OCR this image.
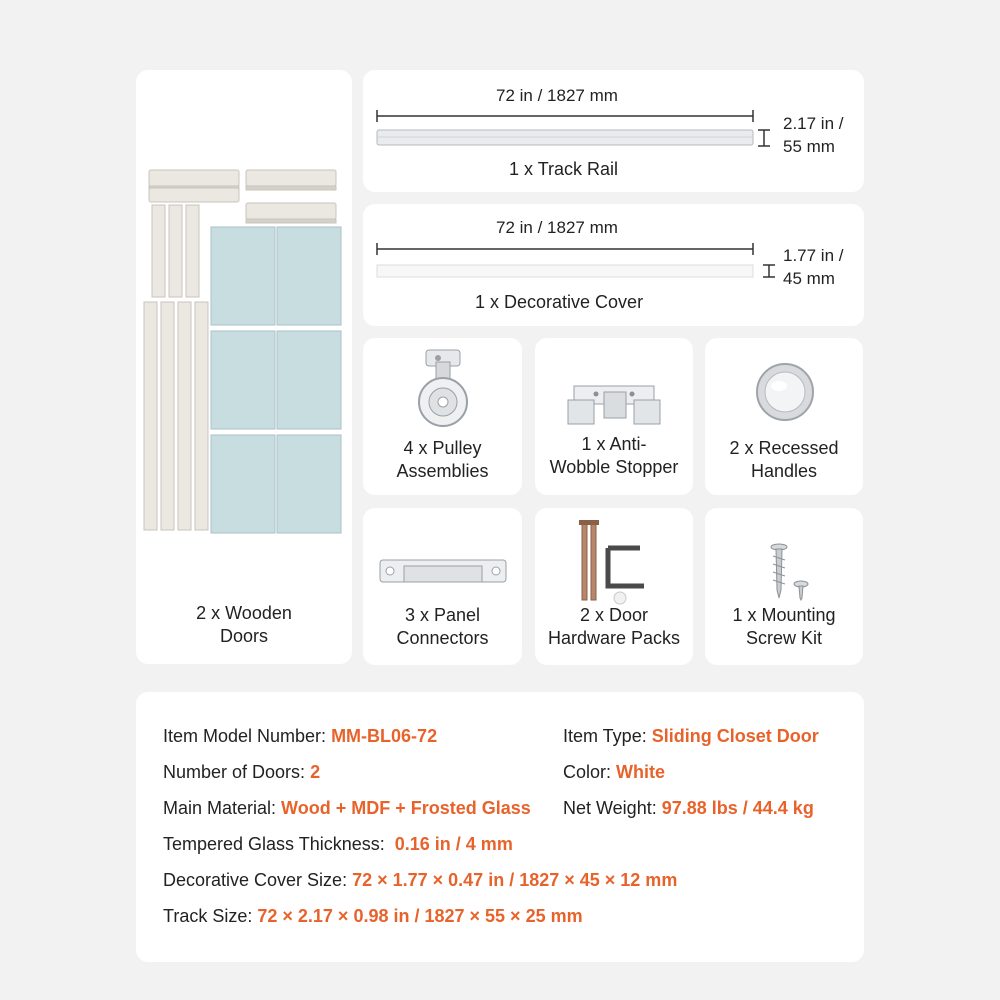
2 x Wooden
Doors
72 in / 1827 mm
2.17 in /
55 mm
1 x Track Rail
72 in / 1827 mm
1.77 in /
45 mm
1 x Decorative Cover
4 x Pulley
Assemblies
1 x Anti-
Wobble Stopper
2 x Recessed
Handles
3 x Panel
Connectors
2 x Door
Hardware Packs
1 x Mounting
Screw Kit
Item Model Number: MM-BL06-72	Item Type: Sliding Closet Door
Number of Doors: 2	Color: White
Main Material: Wood + MDF + Frosted Glass Net Weight: 97.88 lbs / 44.4 kg
Tempered Glass Thickness:  0.16 in / 4 mm
Decorative Cover Size: 72 × 1.77 × 0.47 in / 1827 × 45 × 12 mm
Track Size: 72 × 2.17 × 0.98 in / 1827 × 55 × 25 mm
